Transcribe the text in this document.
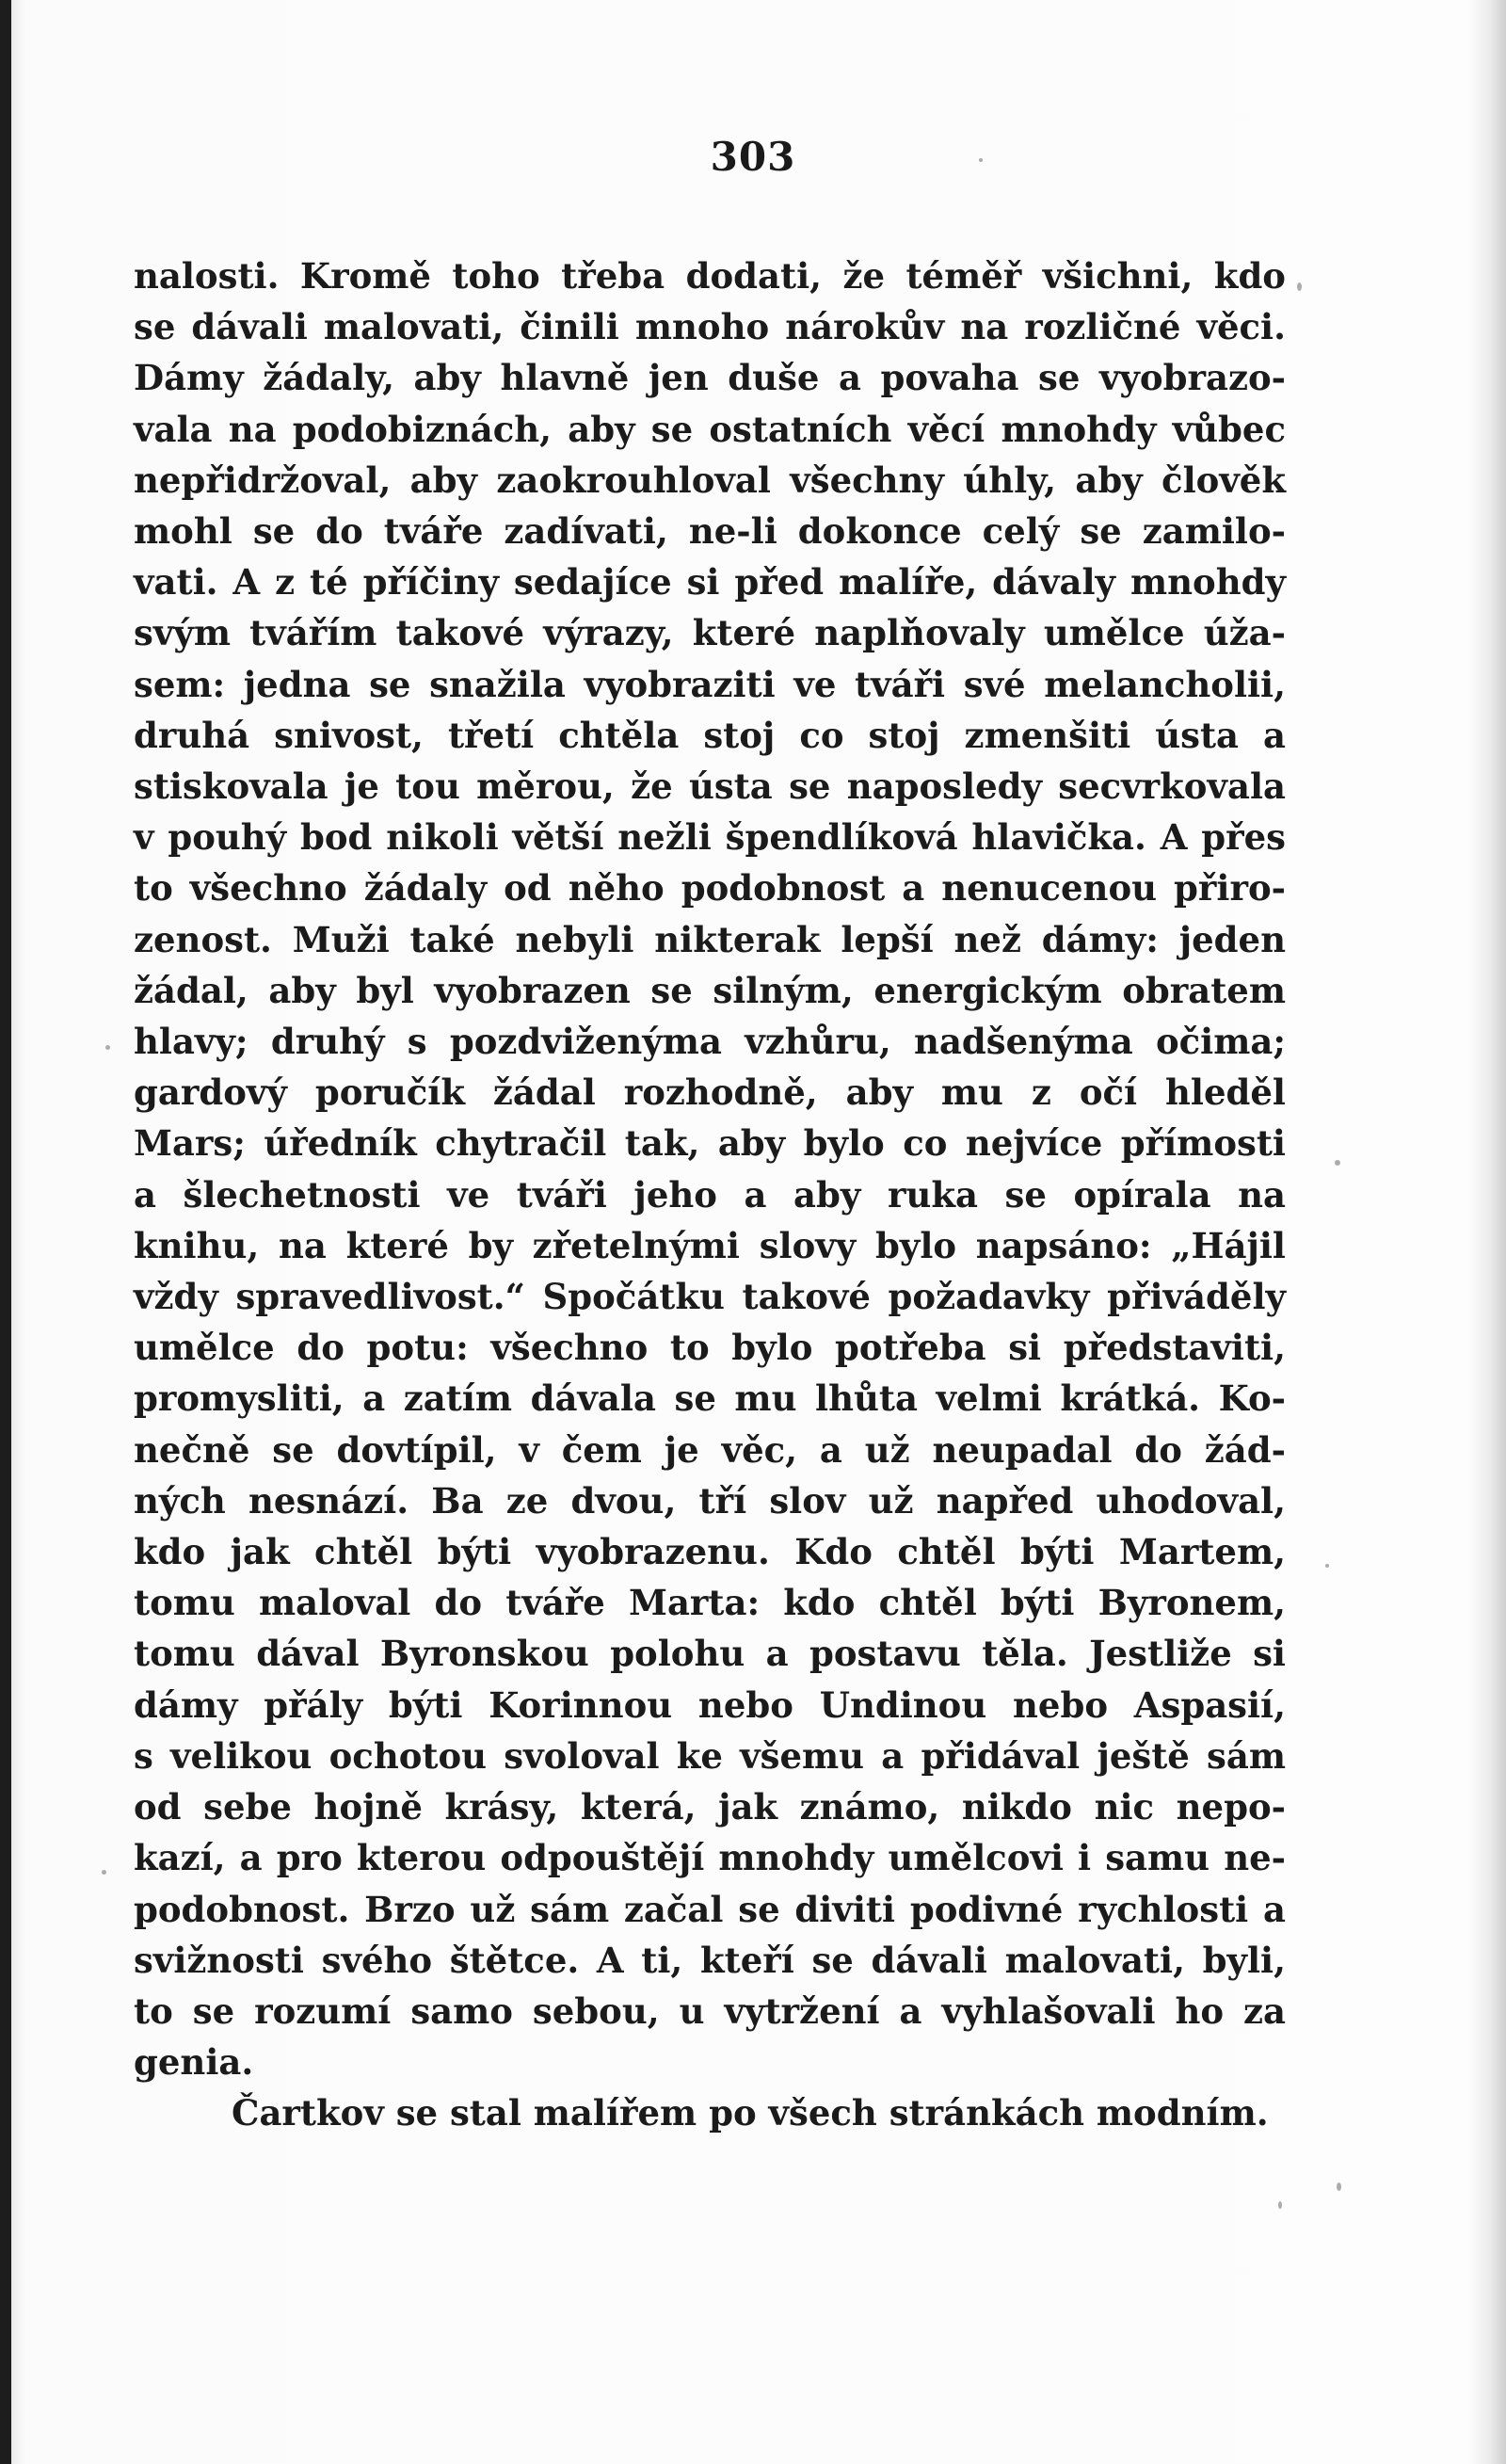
303
nalosti. Kromě toho třeba dodati, že téměř všichni, kdo
se dávali malovati, činili mnoho nárokův na rozličné věci.
Dámy žádaly, aby hlavně jen duše a povaha se vyobrazo-
vala na podobiznách, aby se ostatních věcí mnohdy vůbec
nepřidržoval, aby zaokrouhloval všechny úhly, aby člověk
mohl se do tváře zadívati, ne-li dokonce celý se zamilo-
vati. A z té příčiny sedajíce si před malíře, dávaly mnohdy
svým tvářím takové výrazy, které naplňovaly umělce úža-
sem: jedna se snažila vyobraziti ve tváři své melancholii,
druhá snivost, třetí chtěla stoj co stoj zmenšiti ústa a
stiskovala je tou měrou, že ústa se naposledy secvrkovala
v pouhý bod nikoli větší nežli špendlíková hlavička. A přes
to všechno žádaly od něho podobnost a nenucenou přiro-
zenost. Muži také nebyli nikterak lepší než dámy: jeden
žádal, aby byl vyobrazen se silným, energickým obratem
hlavy; druhý s pozdviženýma vzhůru, nadšenýma očima;
gardový poručík žádal rozhodně, aby mu z očí hleděl
Mars; úředník chytračil tak, aby bylo co nejvíce přímosti
a šlechetnosti ve tváři jeho a aby ruka se opírala na
knihu, na které by zřetelnými slovy bylo napsáno: „Hájil
vždy spravedlivost.“ Spočátku takové požadavky přiváděly
umělce do potu: všechno to bylo potřeba si představiti,
promysliti, a zatím dávala se mu lhůta velmi krátká. Ko-
nečně se dovtípil, v čem je věc, a už neupadal do žád-
ných nesnází. Ba ze dvou, tří slov už napřed uhodoval,
kdo jak chtěl býti vyobrazenu. Kdo chtěl býti Martem,
tomu maloval do tváře Marta: kdo chtěl býti Byronem,
tomu dával Byronskou polohu a postavu těla. Jestliže si
dámy přály býti Korinnou nebo Undinou nebo Aspasií,
s velikou ochotou svoloval ke všemu a přidával ještě sám
od sebe hojně krásy, která, jak známo, nikdo nic nepo-
kazí, a pro kterou odpouštějí mnohdy umělcovi i samu ne-
podobnost. Brzo už sám začal se diviti podivné rychlosti a
svižnosti svého štětce. A ti, kteří se dávali malovati, byli,
to se rozumí samo sebou, u vytržení a vyhlašovali ho za
genia.
Čartkov se stal malířem po všech stránkách modním.
